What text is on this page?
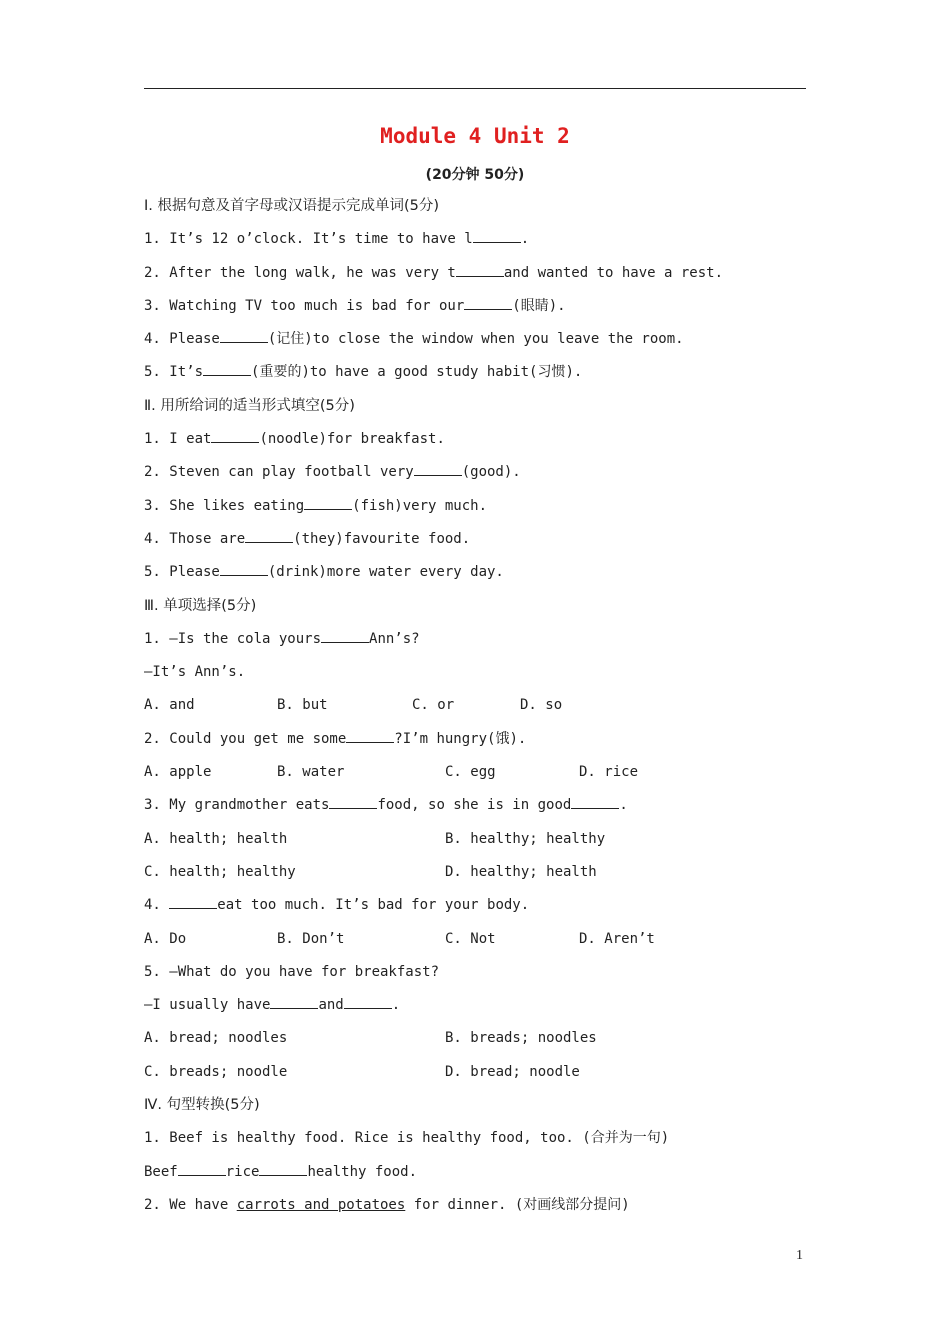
Module 4 Unit 2
(20分钟 50分)
Ⅰ. 根据句意及首字母或汉语提示完成单词(5分)
1. It’s 12 o’clock. It’s time to have l	.
2. After the long walk, he was very t	and wanted to have a rest.
3. Watching TV too much is bad for our	(眼睛).
4. Please	(记住)to close the window when you leave the room.
5. It’s	(重要的)to have a good study habit(习惯).
Ⅱ. 用所给词的适当形式填空(5分)
1. I eat	(noodle)for breakfast.
2. Steven can play football very	(good).
3. She likes eating	(fish)very much.
4. Those are	(they)favourite food.
5. Please	(drink)more water every day.
Ⅲ. 单项选择(5分)
1. —Is the cola yours	Ann’s?
—It’s Ann’s.
A. and	B. but	C. or	D. so
2. Could you get me some	?I’m hungry(饿).
A. apple	B. water	C. egg	D. rice
3. My grandmother eats	food, so she is in good	.
A. health; health	B. healthy; healthy
C. health; healthy	D. healthy; health
4.	eat too much. It’s bad for your body.
A. Do	B. Don’t	C. Not	D. Aren’t
5. —What do you have for breakfast?
—I usually have	and	.
A. bread; noodles	B. breads; noodles
C. breads; noodle	D. bread; noodle
Ⅳ. 句型转换(5分)
1. Beef is healthy food. Rice is healthy food, too. (合并为一句)
Beef	rice	healthy food.
2. We have carrots and potatoes for dinner. (对画线部分提问)
1
